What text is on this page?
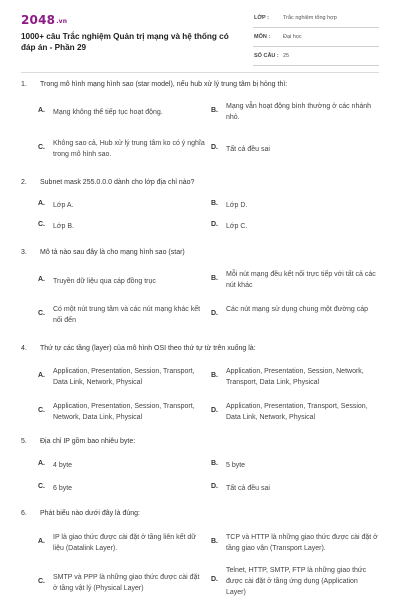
2048.vn
1000+ câu Trắc nghiệm Quản trị mạng và hệ thống có đáp án - Phần 29
LỚP :	Trắc nghiệm tổng hợp
MÔN : Đại học
SỐ CÂU : 25
1. Trong mô hình mạng hình sao (star model), nếu hub xử lý trung tâm bị hỏng thì:
A. Mạng không thể tiếp tục hoạt động.	B.
Mạng vẫn hoạt động bình thường ở các nhánh nhỏ.
C.
Không sao cả, Hub xử lý trung tâm ko có ý nghĩa trong mô hình sao.
D. Tất cả đều sai
2. Subnet mask 255.0.0.0 dành cho lớp địa chỉ nào?
A. Lớp A.	B. Lớp D.
C. Lớp B.	D. Lớp C.
3. Mô tả nào sau đây là cho mạng hình sao (star)
A. Truyền dữ liệu qua cáp đồng trục	B.
Mỗi nút mạng đều kết nối trực tiếp với tất cả các nút khác
C.
Có một nút trung tâm và các nút mạng khác kết nối đến
D.
Các nút mạng sử dụng chung một đường cáp
4. Thứ tự các tầng (layer) của mô hình OSI theo thứ tự từ trên xuống là:
A.
Application, Presentation, Session, Transport, Data Link, Network, Physical
B.
Application, Presentation, Session, Network, Transport, Data Link, Physical
C.
Application, Presentation, Session, Transport, Network, Data Link, Physical
D.
Application, Presentation, Transport, Session, Data Link, Network, Physical
5. Địa chỉ IP gồm bao nhiêu byte:
A. 4 byte	B. 5 byte
C. 6 byte	D. Tất cả đều sai
6. Phát biểu nào dưới đây là đúng:
A.
IP là giao thức được cài đặt ở tầng liên kết dữ liệu (Datalink Layer).
B.
TCP và HTTP là những giao thức được cài đặt ở tầng giao vận (Transport Layer).
C.
SMTP và PPP là những giao thức được cài đặt ở tầng vật lý (Physical Layer)
D.
Telnet, HTTP, SMTP, FTP là những giao thức được cài đặt ở tầng ứng dụng (Application Layer)
